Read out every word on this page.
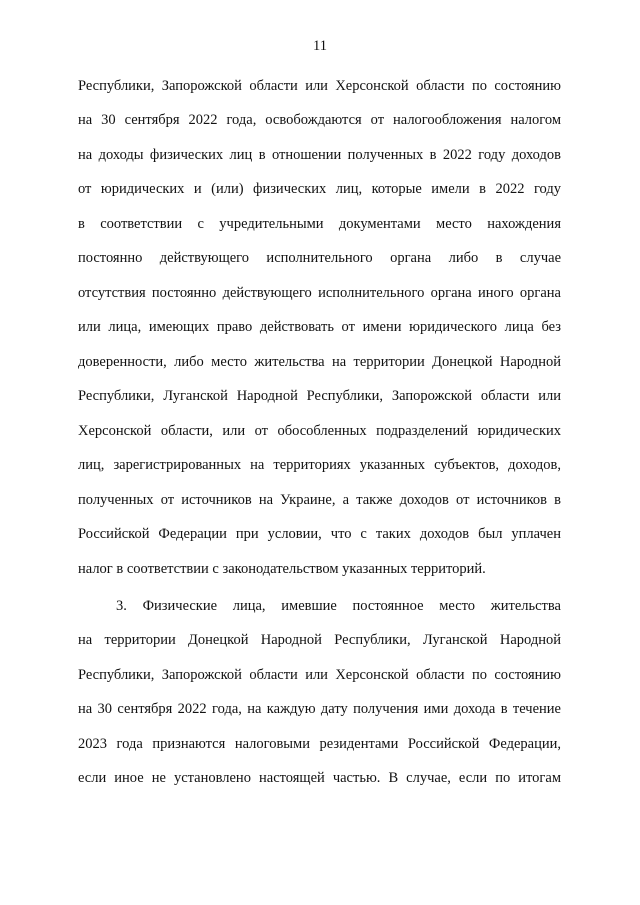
11
Республики, Запорожской области или Херсонской области по состоянию
на 30 сентября 2022 года, освобождаются от налогообложения налогом
на доходы физических лиц в отношении полученных в 2022 году доходов
от юридических и (или) физических лиц, которые имели в 2022 году
в соответствии с учредительными документами место нахождения
постоянно действующего исполнительного органа либо в случае
отсутствия постоянно действующего исполнительного органа иного органа
или лица, имеющих право действовать от имени юридического лица без
доверенности, либо место жительства на территории Донецкой Народной
Республики, Луганской Народной Республики, Запорожской области или
Херсонской области, или от обособленных подразделений юридических
лиц, зарегистрированных на территориях указанных субъектов, доходов,
полученных от источников на Украине, а также доходов от источников в
Российской Федерации при условии, что с таких доходов был уплачен
налог в соответствии с законодательством указанных территорий.
3. Физические лица, имевшие постоянное место жительства
на территории Донецкой Народной Республики, Луганской Народной
Республики, Запорожской области или Херсонской области по состоянию
на 30 сентября 2022 года, на каждую дату получения ими дохода в течение
2023 года признаются налоговыми резидентами Российской Федерации,
если иное не установлено настоящей частью. В случае, если по итогам
